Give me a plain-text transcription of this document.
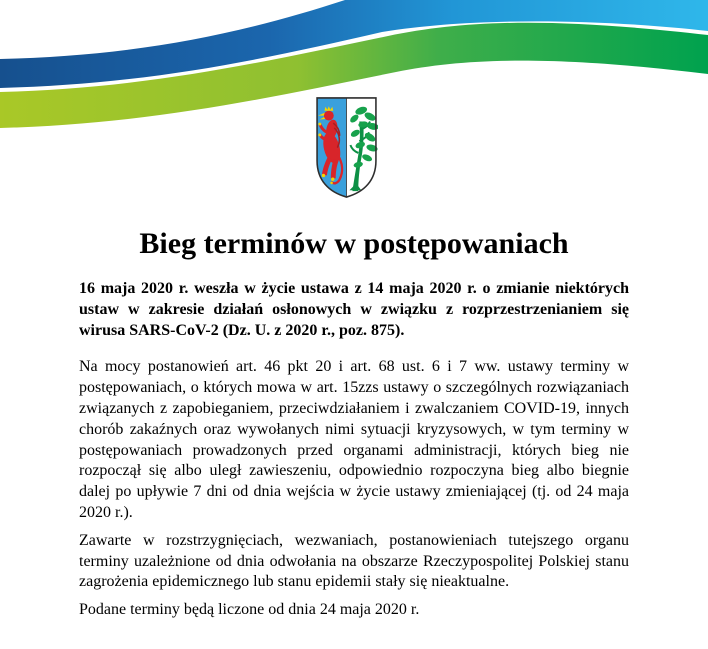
Bieg terminów w postępowaniach

16 maja 2020 r. weszła w życie ustawa z 14 maja 2020 r. o zmianie niektórych ustaw w zakresie działań osłonowych w związku z rozprzestrzenianiem się wirusa SARS-CoV-2 (Dz. U. z 2020 r., poz. 875).

Na mocy postanowień art. 46 pkt 20 i art. 68 ust. 6 i 7 ww. ustawy terminy w postępowaniach, o których mowa w art. 15zzs ustawy o szczególnych rozwiązaniach związanych z zapobieganiem, przeciwdziałaniem i zwalczaniem COVID-19, innych chorób zakaźnych oraz wywołanych nimi sytuacji kryzysowych, w tym terminy w postępowaniach prowadzonych przed organami administracji, których bieg nie rozpoczął się albo uległ zawieszeniu, odpowiednio rozpoczyna bieg albo biegnie dalej po upływie 7 dni od dnia wejścia w życie ustawy zmieniającej (tj. od 24 maja 2020 r.).

Zawarte w rozstrzygnięciach, wezwaniach, postanowieniach tutejszego organu terminy uzależnione od dnia odwołania na obszarze Rzeczypospolitej Polskiej stanu zagrożenia epidemicznego lub stanu epidemii stały się nieaktualne.

Podane terminy będą liczone od dnia 24 maja 2020 r.
